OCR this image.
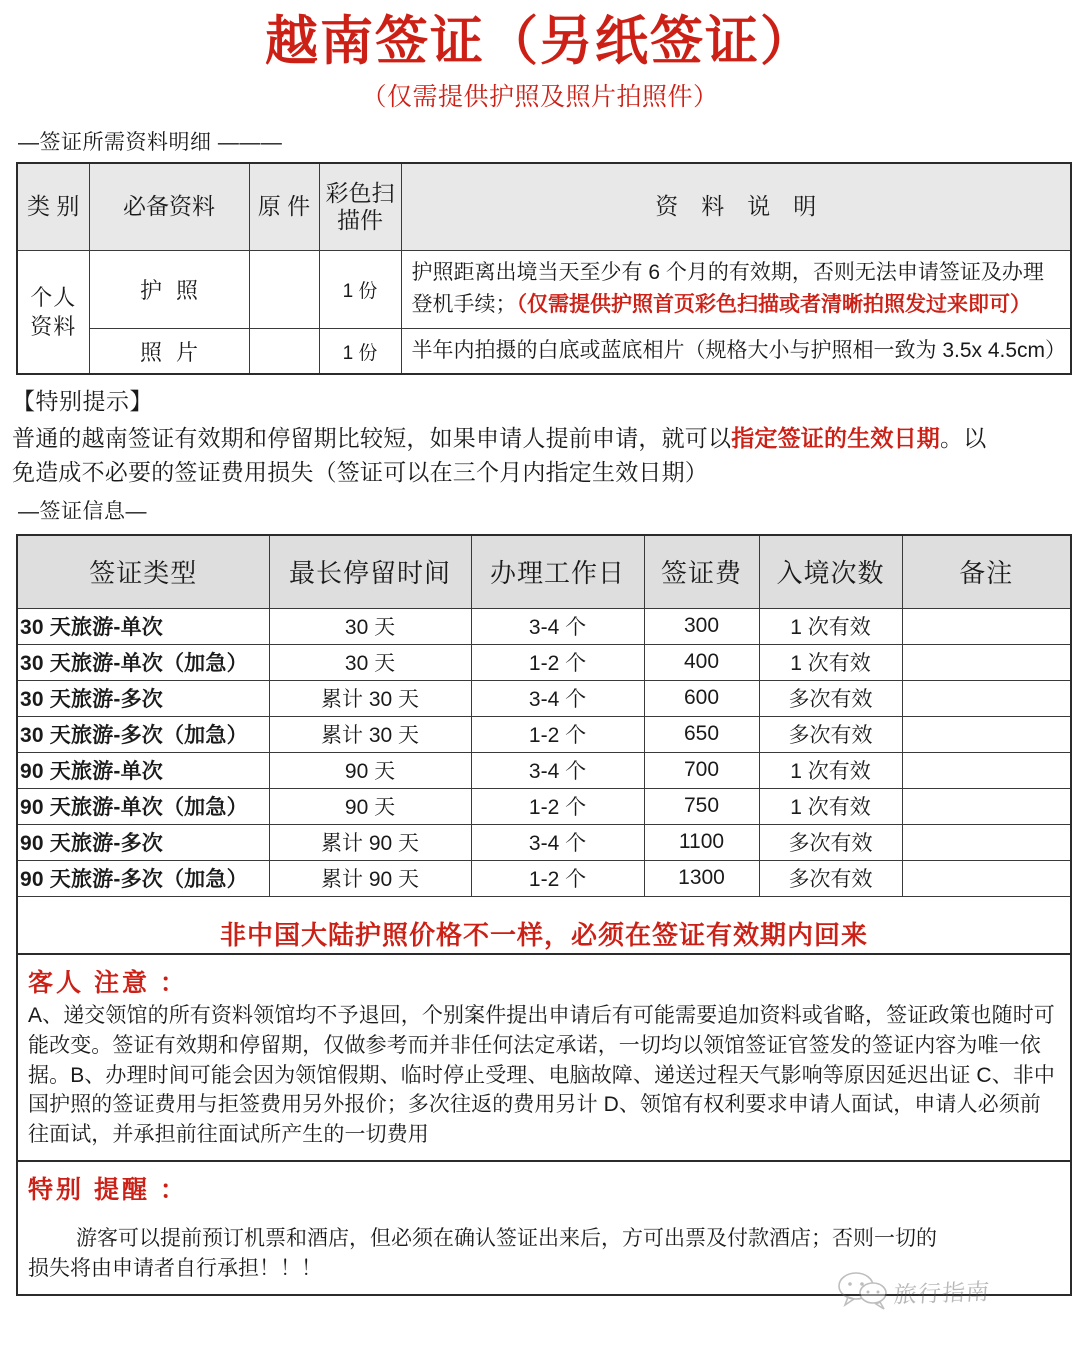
越南签证（另纸签证）
（仅需提供护照及照片拍照件）
—签证所需资料明细 ———
类 别	必备资料	原 件	彩色扫 描件	资　料　说　明
个人资料	护照		1 份	护照距离出境当天至少有 6 个月的有效期，否则无法申请签证及办理登机手续；（仅需提供护照首页彩色扫描或者清晰拍照发过来即可）
	照片		1 份	半年内拍摄的白底或蓝底相片（规格大小与护照相一致为 3.5x 4.5cm）
【特别提示】
普通的越南签证有效期和停留期比较短，如果申请人提前申请，就可以指定签证的生效日期。以
免造成不必要的签证费用损失（签证可以在三个月内指定生效日期）
—签证信息—
签证类型	最长停留时间	办理工作日	签证费	入境次数	备注
30 天旅游-单次	30 天	3-4 个	300	1 次有效	
30 天旅游-单次（加急）	30 天	1-2 个	400	1 次有效	
30 天旅游-多次	累计 30 天	3-4 个	600	多次有效	
30 天旅游-多次（加急）	累计 30 天	1-2 个	650	多次有效	
90 天旅游-单次	90 天	3-4 个	700	1 次有效	
90 天旅游-单次（加急）	90 天	1-2 个	750	1 次有效	
90 天旅游-多次	累计 90 天	3-4 个	1100	多次有效	
90 天旅游-多次（加急）	累计 90 天	1-2 个	1300	多次有效	

非中国大陆护照价格不一样，必须在签证有效期内回来					
客人 注意 ：
A、递交领馆的所有资料领馆均不予退回，个别案件提出申请后有可能需要追加资料或省略，签证政策也随时可能改变。签证有效期和停留期，仅做参考而并非任何法定承诺，一切均以领馆签证官签发的签证内容为唯一依据。B、办理时间可能会因为领馆假期、临时停止受理、电脑故障、递送过程天气影响等原因延迟出证 C、非中国护照的签证费用与拒签费用另外报价；多次往返的费用另计 D、领馆有权利要求申请人面试，申请人必须前往面试，并承担前往面试所产生的一切费用
特别 提醒 ：
游客可以提前预订机票和酒店，但必须在确认签证出来后，方可出票及付款酒店；否则一切的
损失将由申请者自行承担！！！
旅行指南
